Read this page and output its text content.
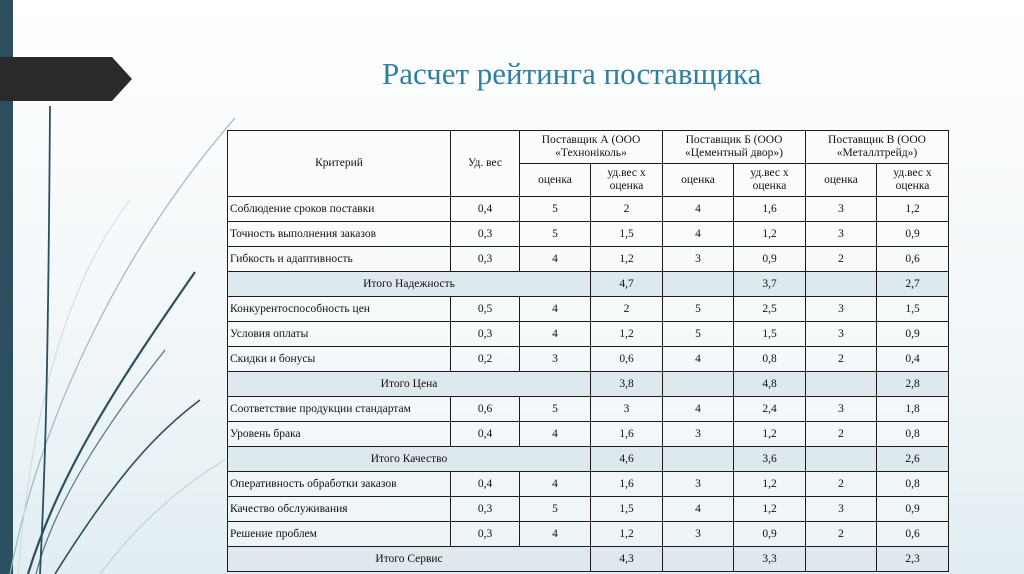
Расчет рейтинга поставщика
Критерий	Уд. вес	Поставщик А (ООО «Техноніколь»		Поставщик Б (ООО «Цементный двор»)		Поставщик В (ООО «Металлтрейд»)	
		оценка	уд.вес х оценка	оценка	уд.вес х оценка	оценка	уд.вес х оценка
Соблюдение сроков поставки	0,4	5	2	4	1,6	3	1,2
Точность выполнения заказов	0,3	5	1,5	4	1,2	3	0,9
Гибкость и адаптивность	0,3	4	1,2	3	0,9	2	0,6
Итого Надежность			4,7		3,7		2,7
Конкурентоспособность цен	0,5	4	2	5	2,5	3	1,5
Условия оплаты	0,3	4	1,2	5	1,5	3	0,9
Скидки и бонусы	0,2	3	0,6	4	0,8	2	0,4
Итого Цена			3,8		4,8		2,8
Соответствие продукции стандартам	0,6	5	3	4	2,4	3	1,8
Уровень брака	0,4	4	1,6	3	1,2	2	0,8
Итого Качество			4,6		3,6		2,6
Оперативность обработки заказов	0,4	4	1,6	3	1,2	2	0,8
Качество обслуживания	0,3	5	1,5	4	1,2	3	0,9
Решение проблем	0,3	4	1,2	3	0,9	2	0,6
Итого Сервис			4,3		3,3		2,3
